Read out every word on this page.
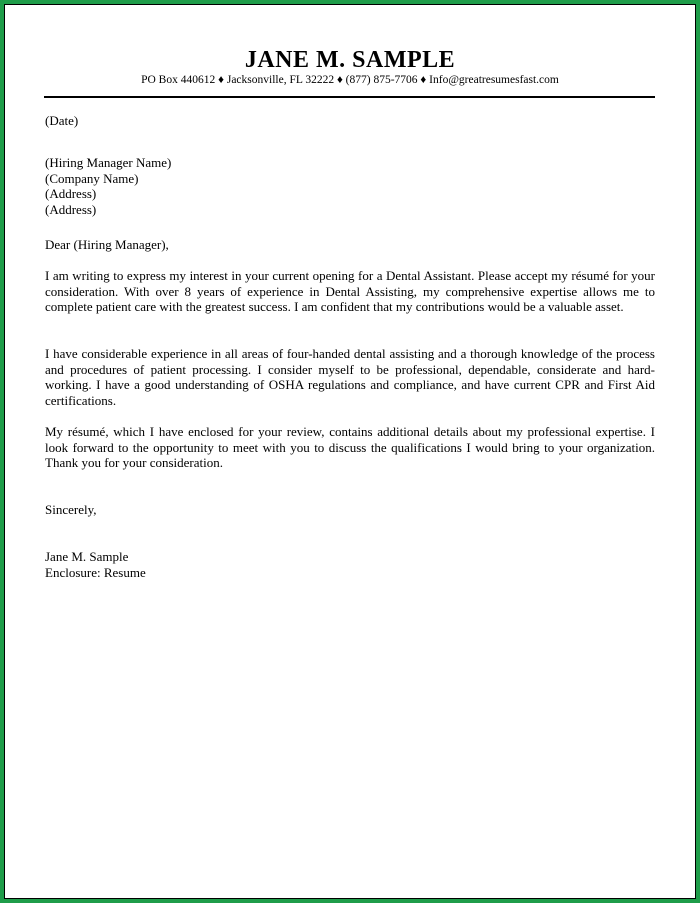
JANE M. SAMPLE
PO Box 440612 ♦ Jacksonville, FL 32222 ♦ (877) 875-7706 ♦ Info@greatresumesfast.com
(Date)
(Hiring Manager Name)
(Company Name)
(Address)
(Address)
Dear (Hiring Manager),
I am writing to express my interest in your current opening for a Dental Assistant. Please accept my résumé for your consideration. With over 8 years of experience in Dental Assisting, my comprehensive expertise allows me to complete patient care with the greatest success. I am confident that my contributions would be a valuable asset.
I have considerable experience in all areas of four-handed dental assisting and a thorough knowledge of the process and procedures of patient processing. I consider myself to be professional, dependable, considerate and hard-working. I have a good understanding of OSHA regulations and compliance, and have current CPR and First Aid certifications.
My résumé, which I have enclosed for your review, contains additional details about my professional expertise. I look forward to the opportunity to meet with you to discuss the qualifications I would bring to your organization. Thank you for your consideration.
Sincerely,
Jane M. Sample
Enclosure: Resume
